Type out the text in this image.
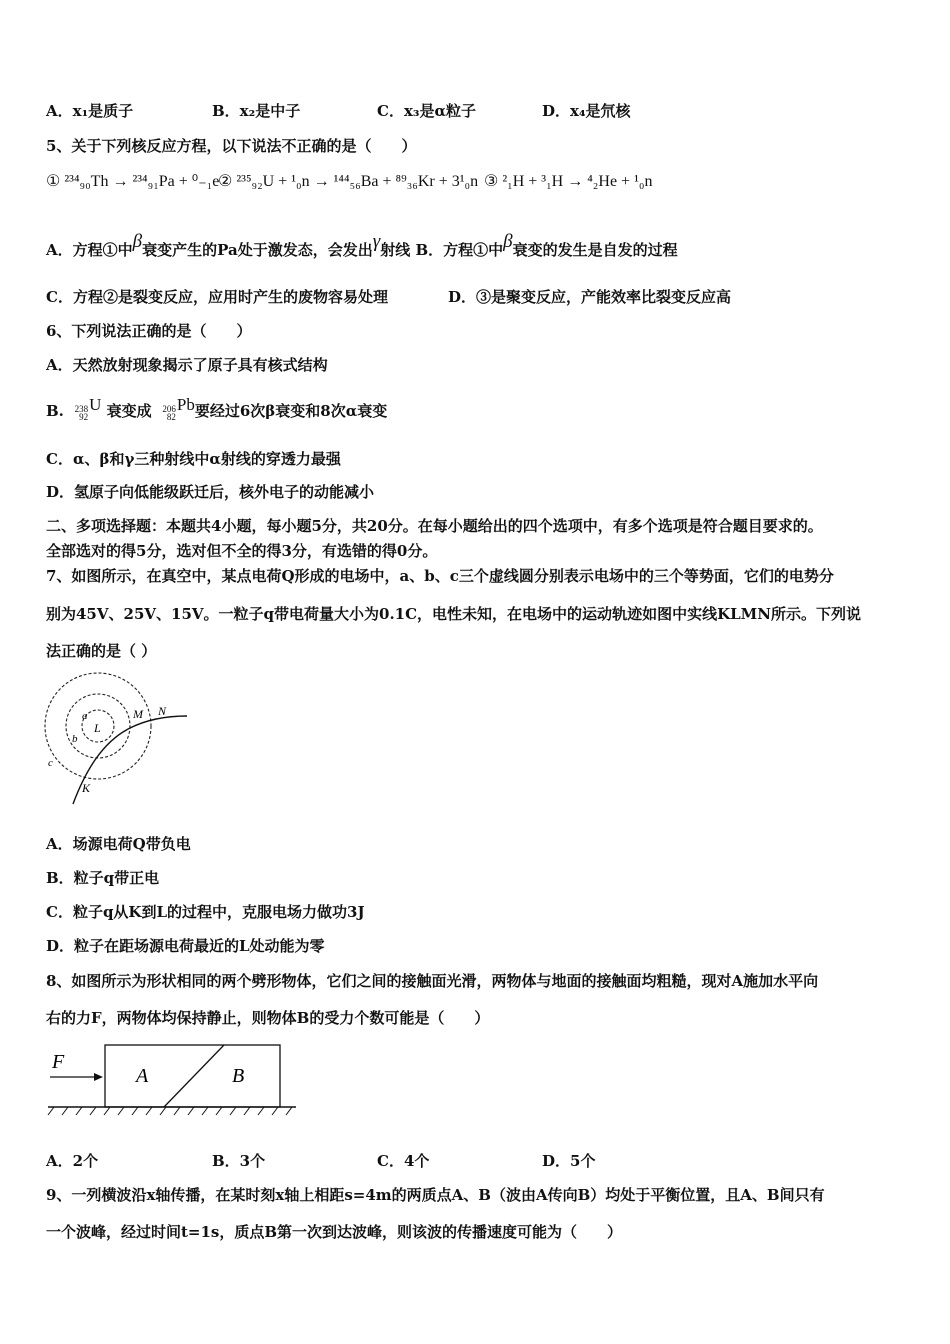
A．x₁是质子	B．x₂是中子	C．x₃是α粒子	D．x₄是氘核
5、关于下列核反应方程，以下说法不正确的是（　　）
① ²³⁴₉₀Th → ²³⁴₉₁Pa + ⁰₋₁e
② ²³⁵₉₂U + ¹₀n → ¹⁴⁴₅₆Ba + ⁸⁹₃₆Kr + 3¹₀n ③ ²₁H + ³₁H → ⁴₂He + ¹₀n
A．方程①中β衰变产生的Pa处于激发态，会发出γ射线 B．方程①中β衰变的发生是自发的过程
C．方程②是裂变反应，应用时产生的废物容易处理	D．③是聚变反应，产能效率比裂变反应高
6、下列说法正确的是（　　）
A．天然放射现象揭示了原子具有核式结构
B. 238
92
U 衰变成 206
82
Pb要经过6次β衰变和8次α衰变
C．α、β和γ三种射线中α射线的穿透力最强
D．氢原子向低能级跃迁后，核外电子的动能减小
二、多项选择题：本题共4小题，每小题5分，共20分。在每小题给出的四个选项中，有多个选项是符合题目要求的。
全部选对的得5分，选对但不全的得3分，有选错的得0分。
7、如图所示，在真空中，某点电荷Q形成的电场中，a、b、c三个虚线圆分别表示电场中的三个等势面，它们的电势分
别为45V、25V、15V。一粒子q带电荷量大小为0.1C，电性未知，在电场中的运动轨迹如图中实线KLMN所示。下列说
法正确的是（ ）
L
a
b
c
M N
K
A．场源电荷Q带负电
B．粒子q带正电
C．粒子q从K到L的过程中，克服电场力做功3J
D．粒子在距场源电荷最近的L处动能为零
8、如图所示为形状相同的两个劈形物体，它们之间的接触面光滑，两物体与地面的接触面均粗糙，现对A施加水平向
右的力F，两物体均保持静止，则物体B的受力个数可能是（　　）
F
A	B
A．2个	B．3个	C．4个	D．5个
9、一列横波沿x轴传播，在某时刻x轴上相距s=4m的两质点A、B（波由A传向B）均处于平衡位置，且A、B间只有
一个波峰，经过时间t=1s，质点B第一次到达波峰，则该波的传播速度可能为（　　）
